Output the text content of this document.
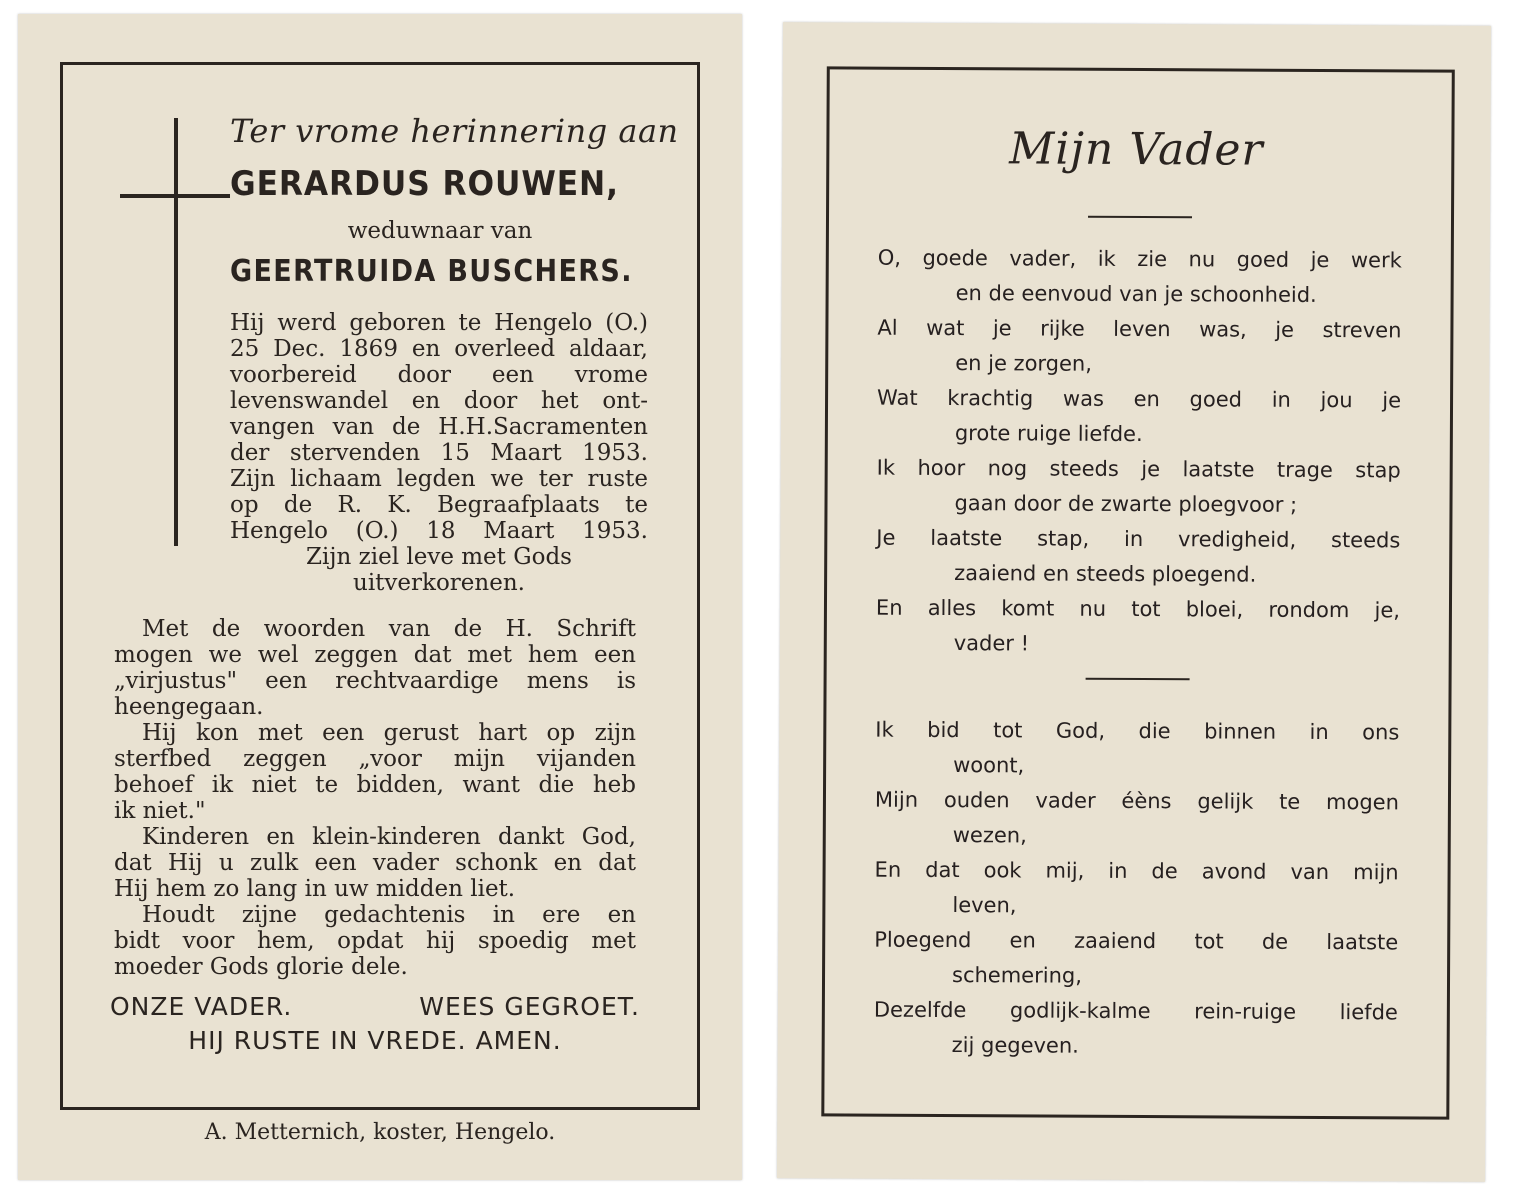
Ter vrome herinnering aan
GERARDUS ROUWEN,
weduwnaar van
GEERTRUIDA BUSCHERS.
Hij werd geboren te Hengelo (O.)
25 Dec. 1869 en overleed aldaar,
voorbereid door een vrome
levenswandel en door het ont-
vangen van de H.H.Sacramenten
der stervenden 15 Maart 1953.
Zijn lichaam legden we ter ruste
op de R. K. Begraafplaats te
Hengelo (O.) 18 Maart 1953.
Zijn ziel leve met Gods
uitverkorenen.
Met de woorden van de H. Schrift
mogen we wel zeggen dat met hem een
„virjustus" een rechtvaardige mens is
heengegaan.
Hij kon met een gerust hart op zijn
sterfbed zeggen „voor mijn vijanden
behoef ik niet te bidden, want die heb
ik niet."
Kinderen en klein-kinderen dankt God,
dat Hij u zulk een vader schonk en dat
Hij hem zo lang in uw midden liet.
Houdt zijne gedachtenis in ere en
bidt voor hem, opdat hij spoedig met
moeder Gods glorie dele.
ONZE VADER.	WEES GEGROET.
HIJ RUSTE IN VREDE. AMEN.
A. Metternich, koster, Hengelo.
Mijn Vader
O, goede vader, ik zie nu goed je werk
en de eenvoud van je schoonheid.
Al wat je rijke leven was, je streven
en je zorgen,
Wat krachtig was en goed in jou je
grote ruige liefde.
Ik hoor nog steeds je laatste trage stap
gaan door de zwarte ploegvoor ;
Je laatste stap, in vredigheid, steeds
zaaiend en steeds ploegend.
En alles komt nu tot bloei, rondom je,
vader !
Ik bid tot God, die binnen in ons
woont,
Mijn ouden vader éèns gelijk te mogen
wezen,
En dat ook mij, in de avond van mijn
leven,
Ploegend en zaaiend tot de laatste
schemering,
Dezelfde godlijk-kalme rein-ruige liefde
zij gegeven.
